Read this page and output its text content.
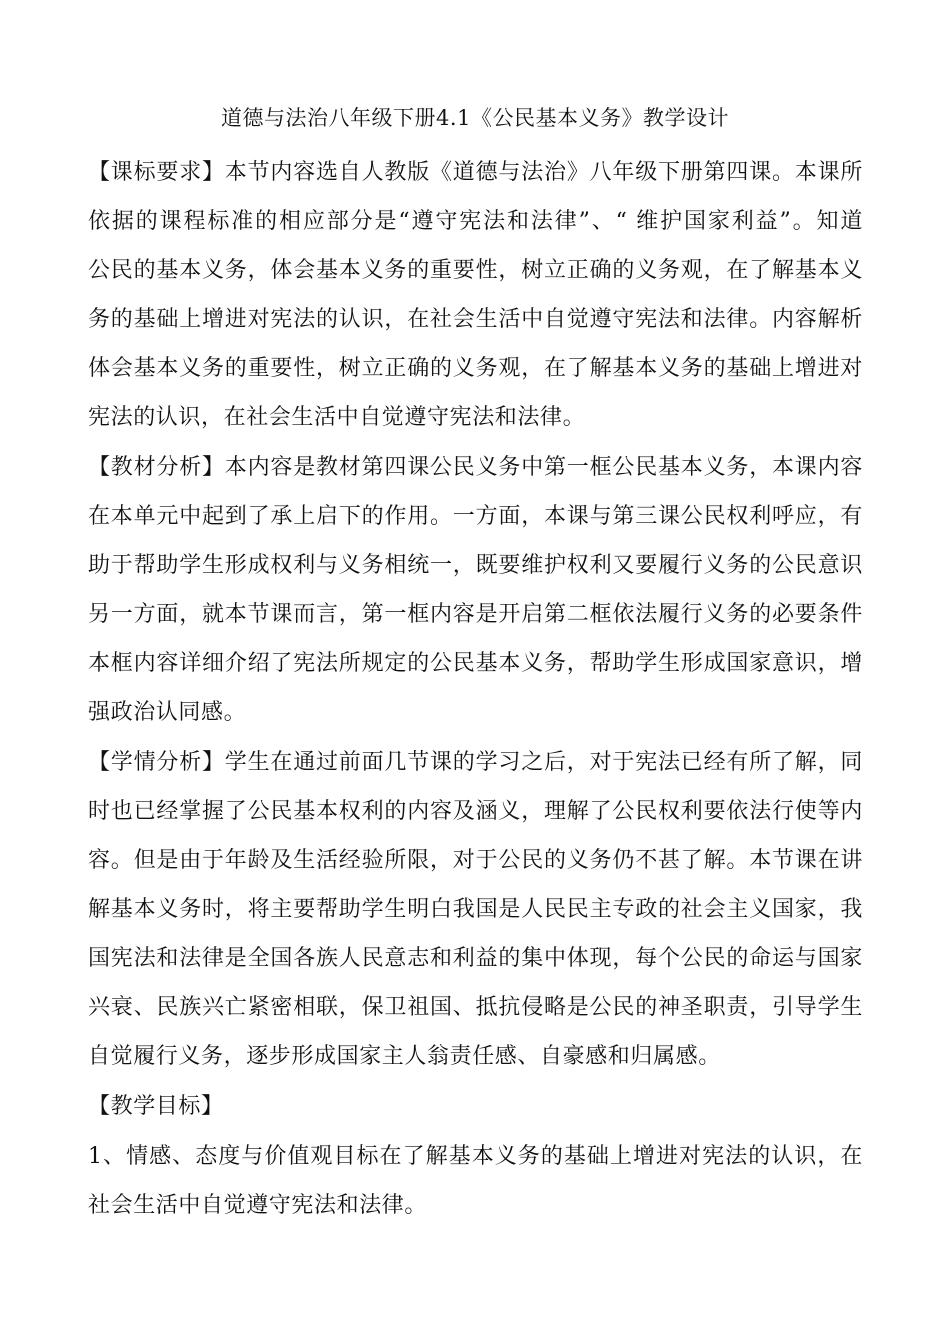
道德与法治八年级下册4.1《公民基本义务》教学设计
【课标要求】本节内容选自人教版《道德与法治》八年级下册第四课。本课所
依据的课程标准的相应部分是“遵守宪法和法律”、“ 维护国家利益”。知道
公民的基本义务，体会基本义务的重要性，树立正确的义务观，在了解基本义
务的基础上增进对宪法的认识，在社会生活中自觉遵守宪法和法律。内容解析
体会基本义务的重要性，树立正确的义务观，在了解基本义务的基础上增进对
宪法的认识，在社会生活中自觉遵守宪法和法律。
【教材分析】本内容是教材第四课公民义务中第一框公民基本义务，本课内容
在本单元中起到了承上启下的作用。一方面，本课与第三课公民权利呼应，有
助于帮助学生形成权利与义务相统一，既要维护权利又要履行义务的公民意识
另一方面，就本节课而言，第一框内容是开启第二框依法履行义务的必要条件
本框内容详细介绍了宪法所规定的公民基本义务，帮助学生形成国家意识，增
强政治认同感。
【学情分析】学生在通过前面几节课的学习之后，对于宪法已经有所了解，同
时也已经掌握了公民基本权利的内容及涵义，理解了公民权利要依法行使等内
容。但是由于年龄及生活经验所限，对于公民的义务仍不甚了解。本节课在讲
解基本义务时，将主要帮助学生明白我国是人民民主专政的社会主义国家，我
国宪法和法律是全国各族人民意志和利益的集中体现，每个公民的命运与国家
兴衰、民族兴亡紧密相联，保卫祖国、抵抗侵略是公民的神圣职责，引导学生
自觉履行义务，逐步形成国家主人翁责任感、自豪感和归属感。
【教学目标】
1、情感、态度与价值观目标在了解基本义务的基础上增进对宪法的认识，在
社会生活中自觉遵守宪法和法律。
